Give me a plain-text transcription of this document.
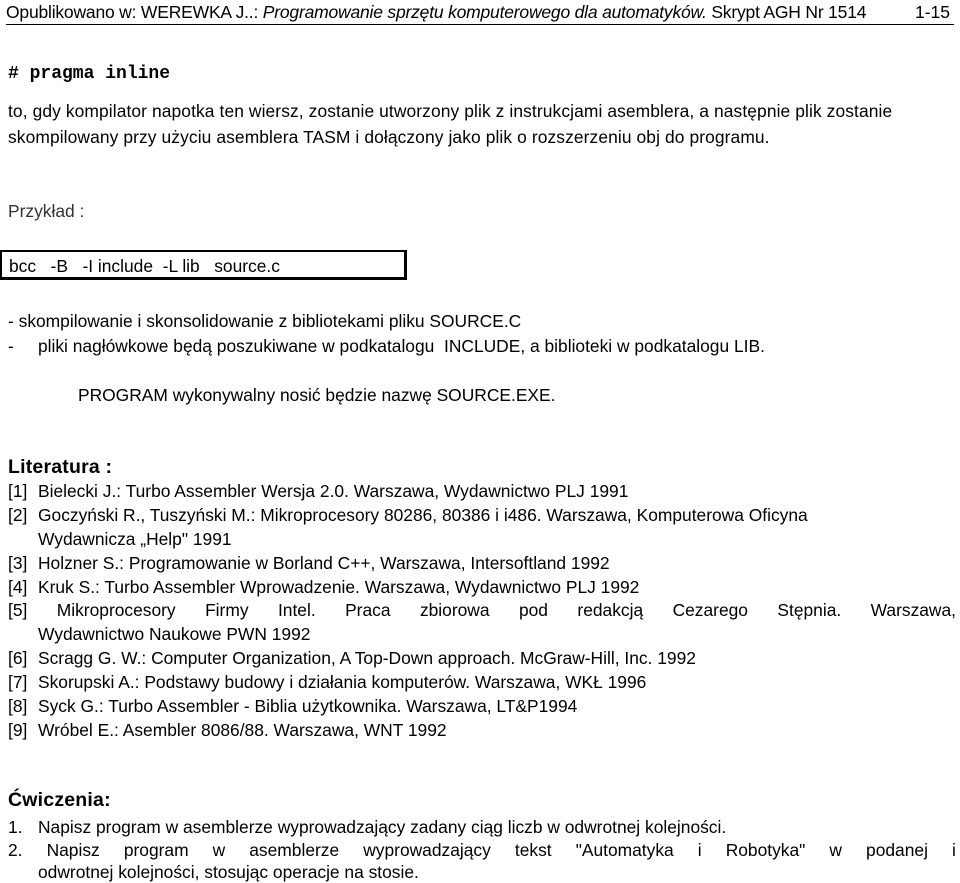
Opublikowano w: WEREWKA J..: Programowanie sprzętu komputerowego dla automatyków. Skrypt AGH Nr 1514	1-15
# pragma inline
to, gdy kompilator napotka ten wiersz, zostanie utworzony plik z instrukcjami asemblera, a następnie plik zostanie skompilowany przy użyciu asemblera TASM i dołączony jako plik o rozszerzeniu obj do programu.
Przykład :
bcc   -B   -I include  -L lib   source.c
- skompilowanie i skonsolidowanie z bibliotekami pliku SOURCE.C
-     pliki nagłówkowe będą poszukiwane w podkatalogu  INCLUDE, a biblioteki w podkatalogu LIB.
PROGRAM wykonywalny nosić będzie nazwę SOURCE.EXE.
Literatura :
[1] Bielecki J.: Turbo Assembler Wersja 2.0. Warszawa, Wydawnictwo PLJ 1991
[2] Goczyński R., Tuszyński M.: Mikroprocesory 80286, 80386 i i486. Warszawa, Komputerowa Oficyna
Wydawnicza „Help" 1991
[3] Holzner S.: Programowanie w Borland C++, Warszawa, Intersoftland 1992
[4] Kruk S.: Turbo Assembler Wprowadzenie. Warszawa, Wydawnictwo PLJ 1992
[5] Mikroprocesory Firmy Intel. Praca zbiorowa pod redakcją Cezarego Stępnia. Warszawa,
Wydawnictwo Naukowe PWN 1992
[6] Scragg G. W.: Computer Organization, A Top-Down approach. McGraw-Hill, Inc. 1992
[7] Skorupski A.: Podstawy budowy i działania komputerów. Warszawa, WKŁ 1996
[8] Syck G.: Turbo Assembler - Biblia użytkownika. Warszawa, LT&P1994
[9] Wróbel E.: Asembler 8086/88. Warszawa, WNT 1992
Ćwiczenia:
1. Napisz program w asemblerze wyprowadzający zadany ciąg liczb w odwrotnej kolejności.
2. Napisz program w asemblerze wyprowadzający tekst "Automatyka i Robotyka" w podanej i
odwrotnej kolejności, stosując operacje na stosie.
